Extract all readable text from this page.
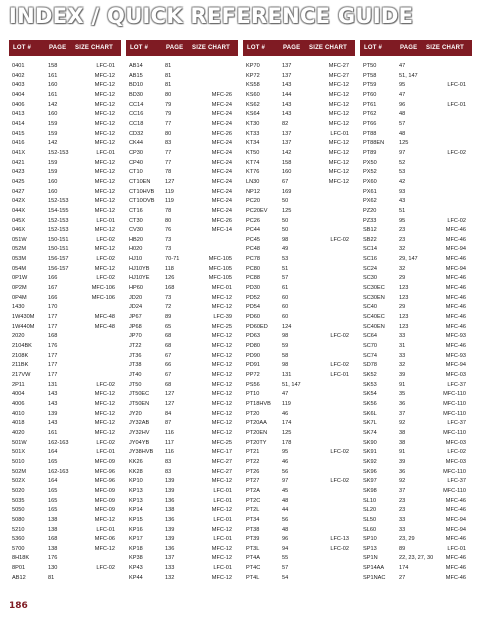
INDEX / QUICK REFERENCE GUIDE
LOT #	PAGE	SIZE CHART
0401	158	LFC-01
0402	161	MFC-12
0403	160	MFC-12
0404	161	MFC-12
0406	142	MFC-12
0413	160	MFC-12
0414	159	MFC-12
0415	159	MFC-12
0416	142	MFC-12
041X	152-153	LFC-01
0421	159	MFC-12
0423	159	MFC-12
0425	160	MFC-12
0427	160	MFC-12
042X	152-153	MFC-12
044X	154-155	MFC-12
045X	152-153	LFC-01
046X	152-153	MFC-12
051W	150-151	LFC-02
052M	150-151	MFC-12
053M	156-157	LFC-02
054M	156-157	MFC-12
0P1W	166	LFC-02
0P2M	167	MFC-106
0P4M	166	MFC-106
1430	170
1W430M	177	MFC-48
1W440M	177	MFC-48
2020	168
2104BK	176
2108K	177
211BK	177
217VW	177
2P11	131	LFC-02
4004	143	MFC-12
4006	143	MFC-12
4010	139	MFC-12
4018	143	MFC-12
4020	161	MFC-12
501W	162-163	LFC-02
501X	164	LFC-01
5010	165	MFC-09
502M	162-163	MFC-96
502X	164	MFC-96
5020	165	MFC-09
5035	165	MFC-09
5050	165	MFC-09
5080	138	MFC-12
5210	138	LFC-01
5360	168	MFC-06
5700	138	MFC-12
8H18K	176
8P01	130	LFC-02
AB12	81
LOT #	PAGE	SIZE CHART
AB14	81
AB15	81
BD10	81
BD30	80	MFC-26
CC14	79	MFC-24
CC16	79	MFC-24
CC18	77	MFC-24
CD32	80	MFC-26
CK44	83	MFC-24
CP30	77	MFC-24
CP40	77	MFC-24
CT10	78	MFC-24
CT10EN	127	MFC-24
CT10HVB	119	MFC-24
CT10OVB	119	MFC-24
CT16	78	MFC-24
CT30	80	MFC-26
CV30	76	MFC-14
HB20	73
H020	73
HJ10	70-71	MFC-105
HJ10YB	118	MFC-105
HJ10YE	126	MFC-105
HP60	168	MFC-01
JD20	73	MFC-12
JD24	72	MFC-12
JP67	89	LFC-39
JP68	65	MFC-25
JP70	68	MFC-12
JT22	68	MFC-12
JT36	67	MFC-12
JT38	66	MFC-12
JT40	67	MFC-12
JT50	68	MFC-12
JT50EC	127	MFC-12
JT50EN	127	MFC-12
JY20	84	MFC-12
JY32AB	87	MFC-12
JY32HV	116	MFC-12
JY04YB	117	MFC-25
JY38HVB	116	MFC-17
KK26	83	MFC-27
KK28	83	MFC-27
KP10	139	MFC-12
KP13	139	LFC-01
KP13	136	LFC-01
KP14	138	MFC-12
KP15	136	LFC-01
KP16	139	MFC-12
KP17	139	LFC-01
KP18	136	MFC-12
KP38	137	MFC-12
KP43	133	LFC-01
KP44	132	MFC-12
LOT #	PAGE	SIZE CHART
KP70	137	MFC-27
KP72	137	MFC-27
KS58	143	MFC-12
KS60	144	MFC-12
KS62	143	MFC-12
KS64	143	MFC-12
KT30	82	MFC-12
KT33	137	LFC-01
KT34	137	MFC-12
KT50	142	MFC-12
KT74	158	MFC-12
KT76	160	MFC-12
LN30	67	MFC-12
NP12	169
PC20	50
PC20EV	125
PC26	50
PC44	50
PC45	98	LFC-02
PC48	49
PC78	53
PC80	51
PC88	57
PD30	61
PD52	60
PD54	60
PD60	60
PD60ED	124
PD63	98	LFC-02
PD80	59
PD90	58
PD91	98	LFC-02
PP72	131	LFC-01
PS56	51, 147
PT10	47
PT18HVB	119
PT20	46
PT20AA	174
PT20EN	125
PT20TY	178
PT21	95	LFC-02
PT22	46
PT26	56
PT27	97	LFC-02
PT2A	45
PT2C	48
PT2L	44
PT34	56
PT38	48
PT39	96	LFC-13
PT3L	94	LFC-02
PT4A	55
PT4C	57
PT4L	54
LOT #	PAGE	SIZE CHART
PT50	47
PT58	51, 147
PT59	95	LFC-01
PT60	47
PT61	96	LFC-01
PT62	48
PT66	57
PT88	48
PT88EN	125
PT89	97	LFC-02
PX50	52
PX52	53
PX60	42
PX61	93
PX62	43
PZ20	51
PZ33	95	LFC-02
SB12	23	MFC-46
SB22	23	MFC-46
SC14	32	MFC-94
SC16	29, 147	MFC-46
SC24	32	MFC-94
SC30	29	MFC-46
SC30EC	123	MFC-46
SC30EN	123	MFC-46
SC40	29	MFC-46
SC40EC	123	MFC-46
SC40EN	123	MFC-46
SC64	33	MFC-93
SC70	31	MFC-46
SC74	33	MFC-93
SD78	32	MFC-94
SK52	39	MFC-03
SK53	91	LFC-37
SK54	35	MFC-110
SK56	36	MFC-110
SK6L	37	MFC-110
SK7L	92	LFC-37
SK74	38	MFC-110
SK90	38	MFC-03
SK91	91	LFC-02
SK92	39	MFC-03
SK96	36	MFC-110
SK97	92	LFC-37
SK98	37	MFC-110
SL10	23	MFC-46
SL20	23	MFC-46
SL50	33	MFC-94
SL60	33	MFC-94
SP10	23, 29	MFC-46
SP13	89	LFC-01
SP1N	22, 23, 27, 30	MFC-46
SP14AA	174	MFC-46
SP1NAC	27	MFC-46
186
